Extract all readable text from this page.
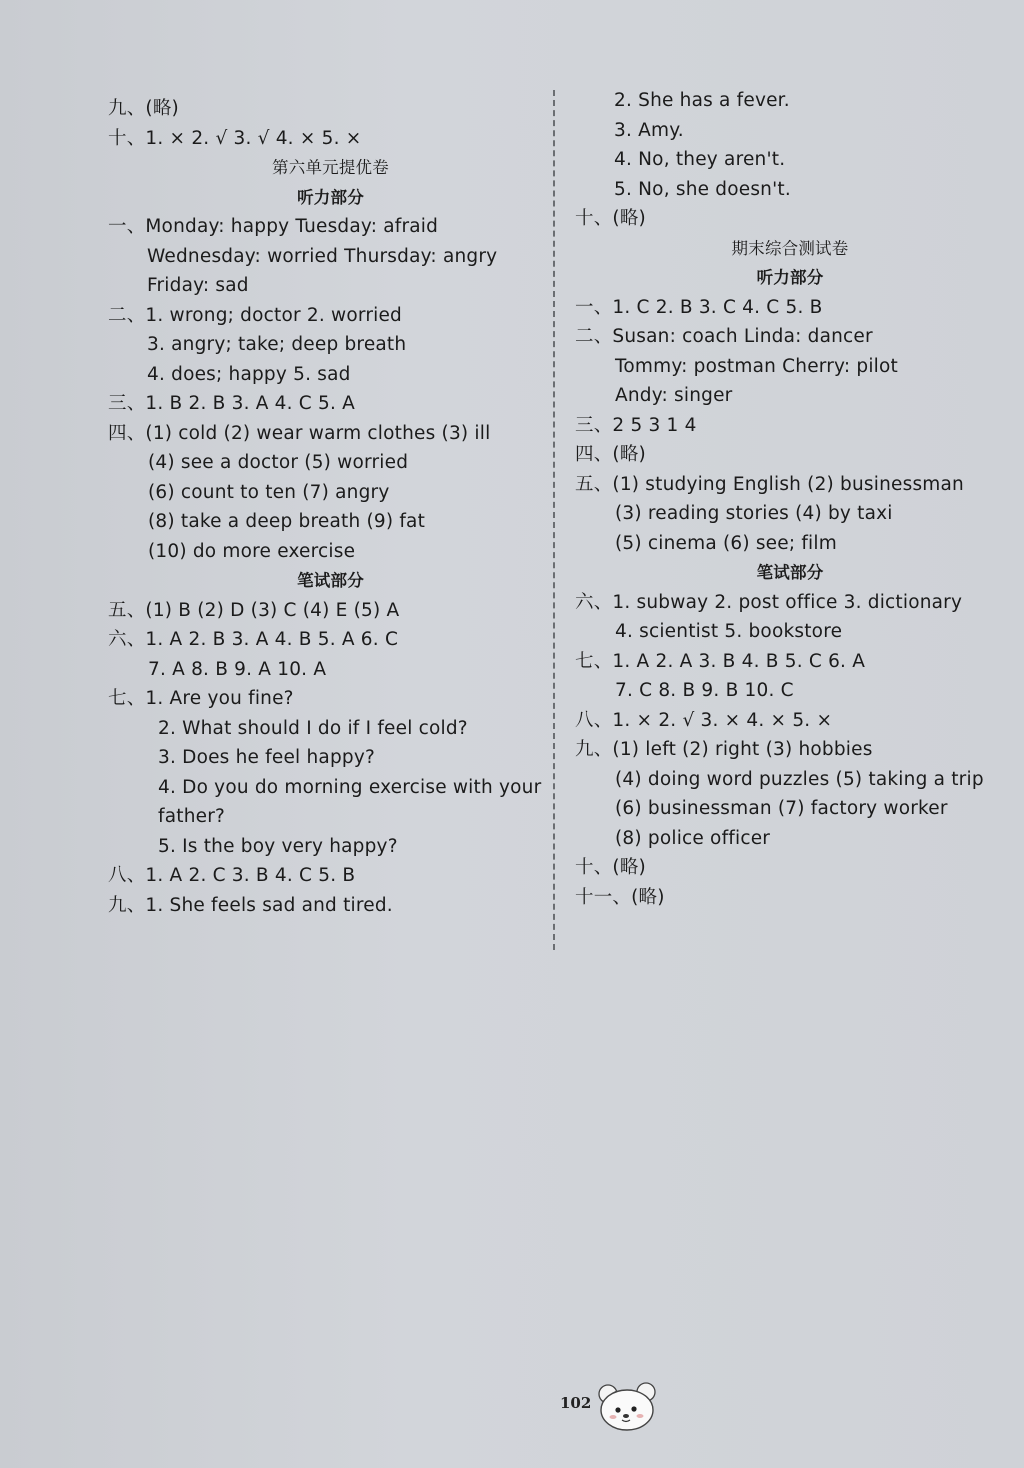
九、(略)
十、1. × 2. √ 3. √ 4. × 5. ×
第六单元提优卷
听力部分
一、Monday: happy Tuesday: afraid
Wednesday: worried Thursday: angry
Friday: sad
二、1. wrong; doctor 2. worried
3. angry; take; deep breath
4. does; happy 5. sad
三、1. B 2. B 3. A 4. C 5. A
四、(1) cold (2) wear warm clothes (3) ill
(4) see a doctor (5) worried
(6) count to ten (7) angry
(8) take a deep breath (9) fat
(10) do more exercise
笔试部分
五、(1) B (2) D (3) C (4) E (5) A
六、1. A 2. B 3. A 4. B 5. A 6. C
7. A 8. B 9. A 10. A
七、1. Are you fine?
2. What should I do if I feel cold?
3. Does he feel happy?
4. Do you do morning exercise with your
father?
5. Is the boy very happy?
八、1. A 2. C 3. B 4. C 5. B
九、1. She feels sad and tired.
2. She has a fever.
3. Amy.
4. No, they aren't.
5. No, she doesn't.
十、(略)
期末综合测试卷
听力部分
一、1. C 2. B 3. C 4. C 5. B
二、Susan: coach Linda: dancer
Tommy: postman Cherry: pilot
Andy: singer
三、2 5 3 1 4
四、(略)
五、(1) studying English (2) businessman
(3) reading stories (4) by taxi
(5) cinema (6) see; film
笔试部分
六、1. subway 2. post office 3. dictionary
4. scientist 5. bookstore
七、1. A 2. A 3. B 4. B 5. C 6. A
7. C 8. B 9. B 10. C
八、1. × 2. √ 3. × 4. × 5. ×
九、(1) left (2) right (3) hobbies
(4) doing word puzzles (5) taking a trip
(6) businessman (7) factory worker
(8) police officer
十、(略)
十一、(略)
102
